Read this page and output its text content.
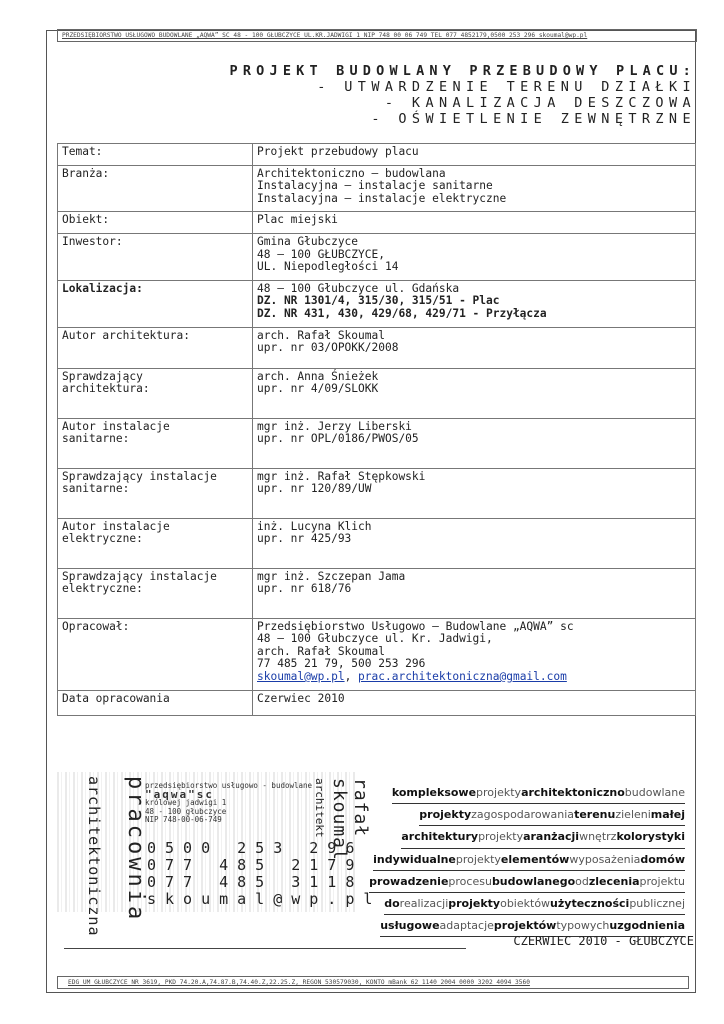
PRZEDSIĘBIORSTWO USŁUGOWO BUDOWLANE „AQWA” SC 48 - 100 GŁUBCZYCE UL.KR.JADWIGI 1 NIP 748 00 06 749 TEL 077 4852179,0500 253 296 skoumal@wp.pl
PROJEKT BUDOWLANY PRZEBUDOWY PLACU:
- UTWARDZENIE TERENU DZIAŁKI
- KANALIZACJA DESZCZOWA
- OŚWIETLENIE ZEWNĘTRZNE
Temat:	Projekt przebudowy placu
Branża:	Architektoniczno – budowlana
Instalacyjna – instalacje sanitarne
Instalacyjna – instalacje elektryczne

Obiekt:	Plac miejski
Inwestor:	Gmina Głubczyce
48 – 100 GŁUBCZYCE,
UL. Niepodległości 14

Lokalizacja:	48 – 100 Głubczyce ul. Gdańska
DZ. NR 1301/4, 315/30, 315/51 - Plac
DZ. NR 431, 430, 429/68, 429/71 - Przyłącza

Autor architektura:	arch. Rafał Skoumal
upr. nr 03/OPOKK/2008

Sprawdzający
architektura:	arch. Anna Śnieżek
upr. nr 4/09/SLOKK

Autor instalacje
sanitarne:	mgr inż. Jerzy Liberski
upr. nr OPL/0186/PWOS/05

Sprawdzający instalacje
sanitarne:	mgr inż. Rafał Stępkowski
upr. nr 120/89/UW

Autor instalacje
elektryczne:	inż. Lucyna Klich
upr. nr 425/93

Sprawdzający instalacje
elektryczne:	mgr inż. Szczepan Jama
upr. nr 618/76

Opracował:	Przedsiębiorstwo Usługowo – Budowlane „AQWA” sc
48 – 100 Głubczyce ul. Kr. Jadwigi,
arch. Rafał Skoumal
77 485 21 79, 500 253 296
skoumal@wp.pl, prac.architektoniczna@gmail.com

Data opracowania	Czerwiec 2010
pracownia
architektoniczna	przedsiębiorstwo usługowo - budowlane
"aqwa"sc
królowej jadwigi 1
48 - 100 głubczyce
NIP 748-00-06-749
0500 253 296
077 485 2179
077 485 3118
skoumal@wp.pl
rafał skoumal
architekt	kompleksoweprojektyarchitektonicznobudowlane
projektyzagospodarowaniaterenuzielenimałej
architekturyprojektyaranżacjiwnętrzkolorystyki
indywidualneprojektyelementówwyposażeniadomów
prowadzenieprocesubudowlanegoodzleceniaprojektu
dorealizacjiprojektyobiektówużytecznościpublicznej
usługoweadaptacjeprojektówtypowychuzgodnienia
CZERWIEC 2010 - GŁUBCZYCE
EDG UM GŁUBCZYCE NR 3619, PKD 74.20.A,74.87.B,74.40.Z,22.25.Z, REGON 530579030, KONTO mBank 62 1140 2004 0000 3202 4094 3560
